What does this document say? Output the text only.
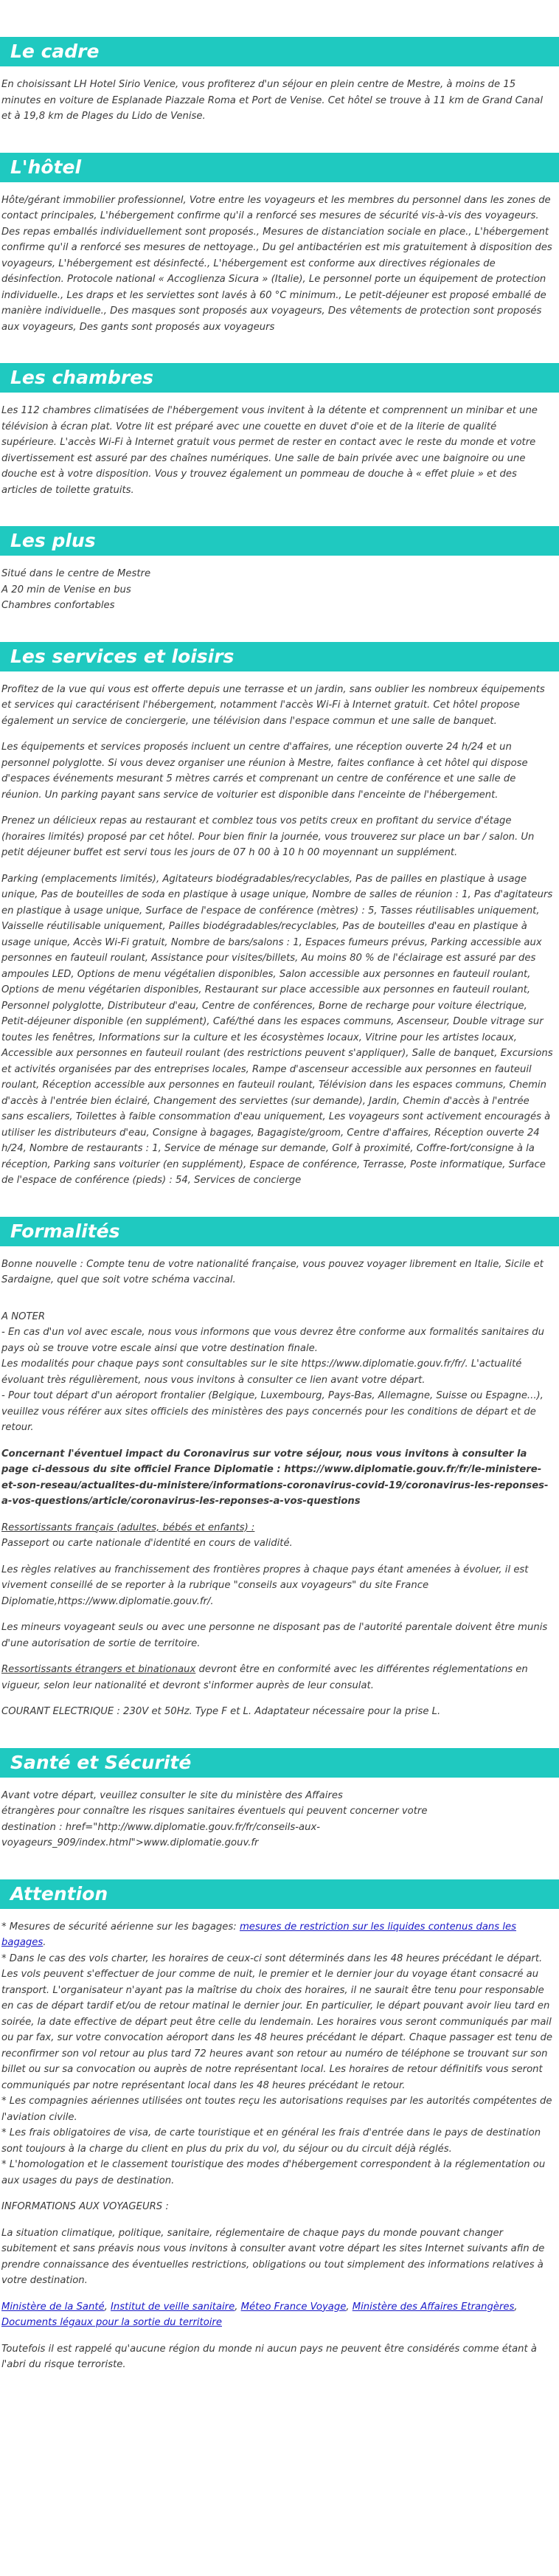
Le cadre

En choisissant LH Hotel Sirio Venice, vous profiterez d'un séjour en plein centre de Mestre, à moins de 15 minutes en voiture de Esplanade Piazzale Roma et Port de Venise. Cet hôtel se trouve à 11 km de Grand Canal et à 19,8 km de Plages du Lido de Venise.

L'hôtel

Hôte/gérant immobilier professionnel, Votre entre les voyageurs et les membres du personnel dans les zones de contact principales, L'hébergement confirme qu'il a renforcé ses mesures de sécurité vis-à-vis des voyageurs. Des repas emballés individuellement sont proposés., Mesures de distanciation sociale en place., L'hébergement confirme qu'il a renforcé ses mesures de nettoyage., Du gel antibactérien est mis gratuitement à disposition des voyageurs, L'hébergement est désinfecté., L'hébergement est conforme aux directives régionales de désinfection. Protocole national « Accoglienza Sicura » (Italie), Le personnel porte un équipement de protection individuelle., Les draps et les serviettes sont lavés à 60 °C minimum., Le petit-déjeuner est proposé emballé de manière individuelle., Des masques sont proposés aux voyageurs, Des vêtements de protection sont proposés aux voyageurs, Des gants sont proposés aux voyageurs

Les chambres

Les 112 chambres climatisées de l'hébergement vous invitent à la détente et comprennent un minibar et une télévision à écran plat. Votre lit est préparé avec une couette en duvet d'oie et de la literie de qualité supérieure. L'accès Wi-Fi à Internet gratuit vous permet de rester en contact avec le reste du monde et votre divertissement est assuré par des chaînes numériques. Une salle de bain privée avec une baignoire ou une douche est à votre disposition. Vous y trouvez également un pommeau de douche à « effet pluie » et des articles de toilette gratuits.

Les plus
Situé dans le centre de Mestre
A 20 min de Venise en bus
Chambres confortables
Les services et loisirs

Profitez de la vue qui vous est offerte depuis une terrasse et un jardin, sans oublier les nombreux équipements et services qui caractérisent l'hébergement, notamment l'accès Wi-Fi à Internet gratuit. Cet hôtel propose également un service de conciergerie, une télévision dans l'espace commun et une salle de banquet.

Les équipements et services proposés incluent un centre d'affaires, une réception ouverte 24 h/24 et un personnel polyglotte. Si vous devez organiser une réunion à Mestre, faites confiance à cet hôtel qui dispose d'espaces événements mesurant 5 mètres carrés et comprenant un centre de conférence et une salle de réunion. Un parking payant sans service de voiturier est disponible dans l'enceinte de l'hébergement.

Prenez un délicieux repas au restaurant et comblez tous vos petits creux en profitant du service d'étage (horaires limités) proposé par cet hôtel. Pour bien finir la journée, vous trouverez sur place un bar / salon. Un petit déjeuner buffet est servi tous les jours de 07 h 00 à 10 h 00 moyennant un supplément.

Parking (emplacements limités), Agitateurs biodégradables/recyclables, Pas de pailles en plastique à usage unique, Pas de bouteilles de soda en plastique à usage unique, Nombre de salles de réunion : 1, Pas d'agitateurs en plastique à usage unique, Surface de l'espace de conférence (mètres) : 5, Tasses réutilisables uniquement, Vaisselle réutilisable uniquement, Pailles biodégradables/recyclables, Pas de bouteilles d'eau en plastique à usage unique, Accès Wi-Fi gratuit, Nombre de bars/salons : 1, Espaces fumeurs prévus, Parking accessible aux personnes en fauteuil roulant, Assistance pour visites/billets, Au moins 80 % de l'éclairage est assuré par des ampoules LED, Options de menu végétalien disponibles, Salon accessible aux personnes en fauteuil roulant, Options de menu végétarien disponibles, Restaurant sur place accessible aux personnes en fauteuil roulant, Personnel polyglotte, Distributeur d'eau, Centre de conférences, Borne de recharge pour voiture électrique, Petit-déjeuner disponible (en supplément), Café/thé dans les espaces communs, Ascenseur, Double vitrage sur toutes les fenêtres, Informations sur la culture et les écosystèmes locaux, Vitrine pour les artistes locaux, Accessible aux personnes en fauteuil roulant (des restrictions peuvent s'appliquer), Salle de banquet, Excursions et activités organisées par des entreprises locales, Rampe d'ascenseur accessible aux personnes en fauteuil roulant, Réception accessible aux personnes en fauteuil roulant, Télévision dans les espaces communs, Chemin d'accès à l'entrée bien éclairé, Changement des serviettes (sur demande), Jardin, Chemin d'accès à l'entrée sans escaliers, Toilettes à faible consommation d'eau uniquement, Les voyageurs sont activement encouragés à utiliser les distributeurs d'eau, Consigne à bagages, Bagagiste/groom, Centre d'affaires, Réception ouverte 24 h/24, Nombre de restaurants : 1, Service de ménage sur demande, Golf à proximité, Coffre-fort/consigne à la réception, Parking sans voiturier (en supplément), Espace de conférence, Terrasse, Poste informatique, Surface de l'espace de conférence (pieds) : 54, Services de concierge

Formalités

Bonne nouvelle : Compte tenu de votre nationalité française, vous pouvez voyager librement en Italie, Sicile et Sardaigne, quel que soit votre schéma vaccinal.

A NOTER
- En cas d'un vol avec escale, nous vous informons que vous devrez être conforme aux formalités sanitaires du pays où se trouve votre escale ainsi que votre destination finale.
Les modalités pour chaque pays sont consultables sur le site https://www.diplomatie.gouv.fr/fr/. L'actualité évoluant très régulièrement, nous vous invitons à consulter ce lien avant votre départ.
- Pour tout départ d'un aéroport frontalier (Belgique, Luxembourg, Pays-Bas, Allemagne, Suisse ou Espagne...), veuillez vous référer aux sites officiels des ministères des pays concernés pour les conditions de départ et de retour.

Concernant l'éventuel impact du Coronavirus sur votre séjour, nous vous invitons à consulter la page ci-dessous du site officiel France Diplomatie : https://www.diplomatie.gouv.fr/fr/le-ministere-et-son-reseau/actualites-du-ministere/informations-coronavirus-covid-19/coronavirus-les-reponses-a-vos-questions/article/coronavirus-les-reponses-a-vos-questions

Ressortissants français (adultes, bébés et enfants) :

Passeport ou carte nationale d'identité en cours de validité.

Les règles relatives au franchissement des frontières propres à chaque pays étant amenées à évoluer, il est vivement conseillé de se reporter à la rubrique "conseils aux voyageurs" du site France Diplomatie,https://www.diplomatie.gouv.fr/.

Les mineurs voyageant seuls ou avec une personne ne disposant pas de l'autorité parentale doivent être munis d'une autorisation de sortie de territoire.

Ressortissants étrangers et binationaux devront être en conformité avec les différentes réglementations en vigueur, selon leur nationalité et devront s'informer auprès de leur consulat.

COURANT ELECTRIQUE : 230V et 50Hz. Type F et L. Adaptateur nécessaire pour la prise L.

Santé et Sécurité
Avant votre départ, veuillez consulter le site du ministère des Affaires
étrangères pour connaître les risques sanitaires éventuels qui peuvent concerner votre
destination : href="http://www.diplomatie.gouv.fr/fr/conseils-aux-voyageurs_909/index.html">www.diplomatie.gouv.fr
Attention
* Mesures de sécurité aérienne sur les bagages: mesures de restriction sur les liquides contenus dans les bagages.
* Dans le cas des vols charter, les horaires de ceux-ci sont déterminés dans les 48 heures précédant le départ. Les vols peuvent s'effectuer de jour comme de nuit, le premier et le dernier jour du voyage étant consacré au transport. L'organisateur n'ayant pas la maîtrise du choix des horaires, il ne saurait être tenu pour responsable en cas de départ tardif et/ou de retour matinal le dernier jour. En particulier, le départ pouvant avoir lieu tard en soirée, la date effective de départ peut être celle du lendemain. Les horaires vous seront communiqués par mail ou par fax, sur votre convocation aéroport dans les 48 heures précédant le départ. Chaque passager est tenu de reconfirmer son vol retour au plus tard 72 heures avant son retour au numéro de téléphone se trouvant sur son billet ou sur sa convocation ou auprès de notre représentant local. Les horaires de retour définitifs vous seront communiqués par notre représentant local dans les 48 heures précédant le retour.
* Les compagnies aériennes utilisées ont toutes reçu les autorisations requises par les autorités compétentes de l'aviation civile.
* Les frais obligatoires de visa, de carte touristique et en général les frais d'entrée dans le pays de destination sont toujours à la charge du client en plus du prix du vol, du séjour ou du circuit déjà réglés.
* L'homologation et le classement touristique des modes d'hébergement correspondent à la réglementation ou aux usages du pays de destination.
INFORMATIONS AUX VOYAGEURS :

La situation climatique, politique, sanitaire, réglementaire de chaque pays du monde pouvant changer subitement et sans préavis nous vous invitons à consulter avant votre départ les sites Internet suivants afin de prendre connaissance des éventuelles restrictions, obligations ou tout simplement des informations relatives à votre destination.

Ministère de la Santé, Institut de veille sanitaire, Méteo France Voyage, Ministère des Affaires Etrangères, Documents légaux pour la sortie du territoire

Toutefois il est rappelé qu'aucune région du monde ni aucun pays ne peuvent être considérés comme étant à l'abri du risque terroriste.
